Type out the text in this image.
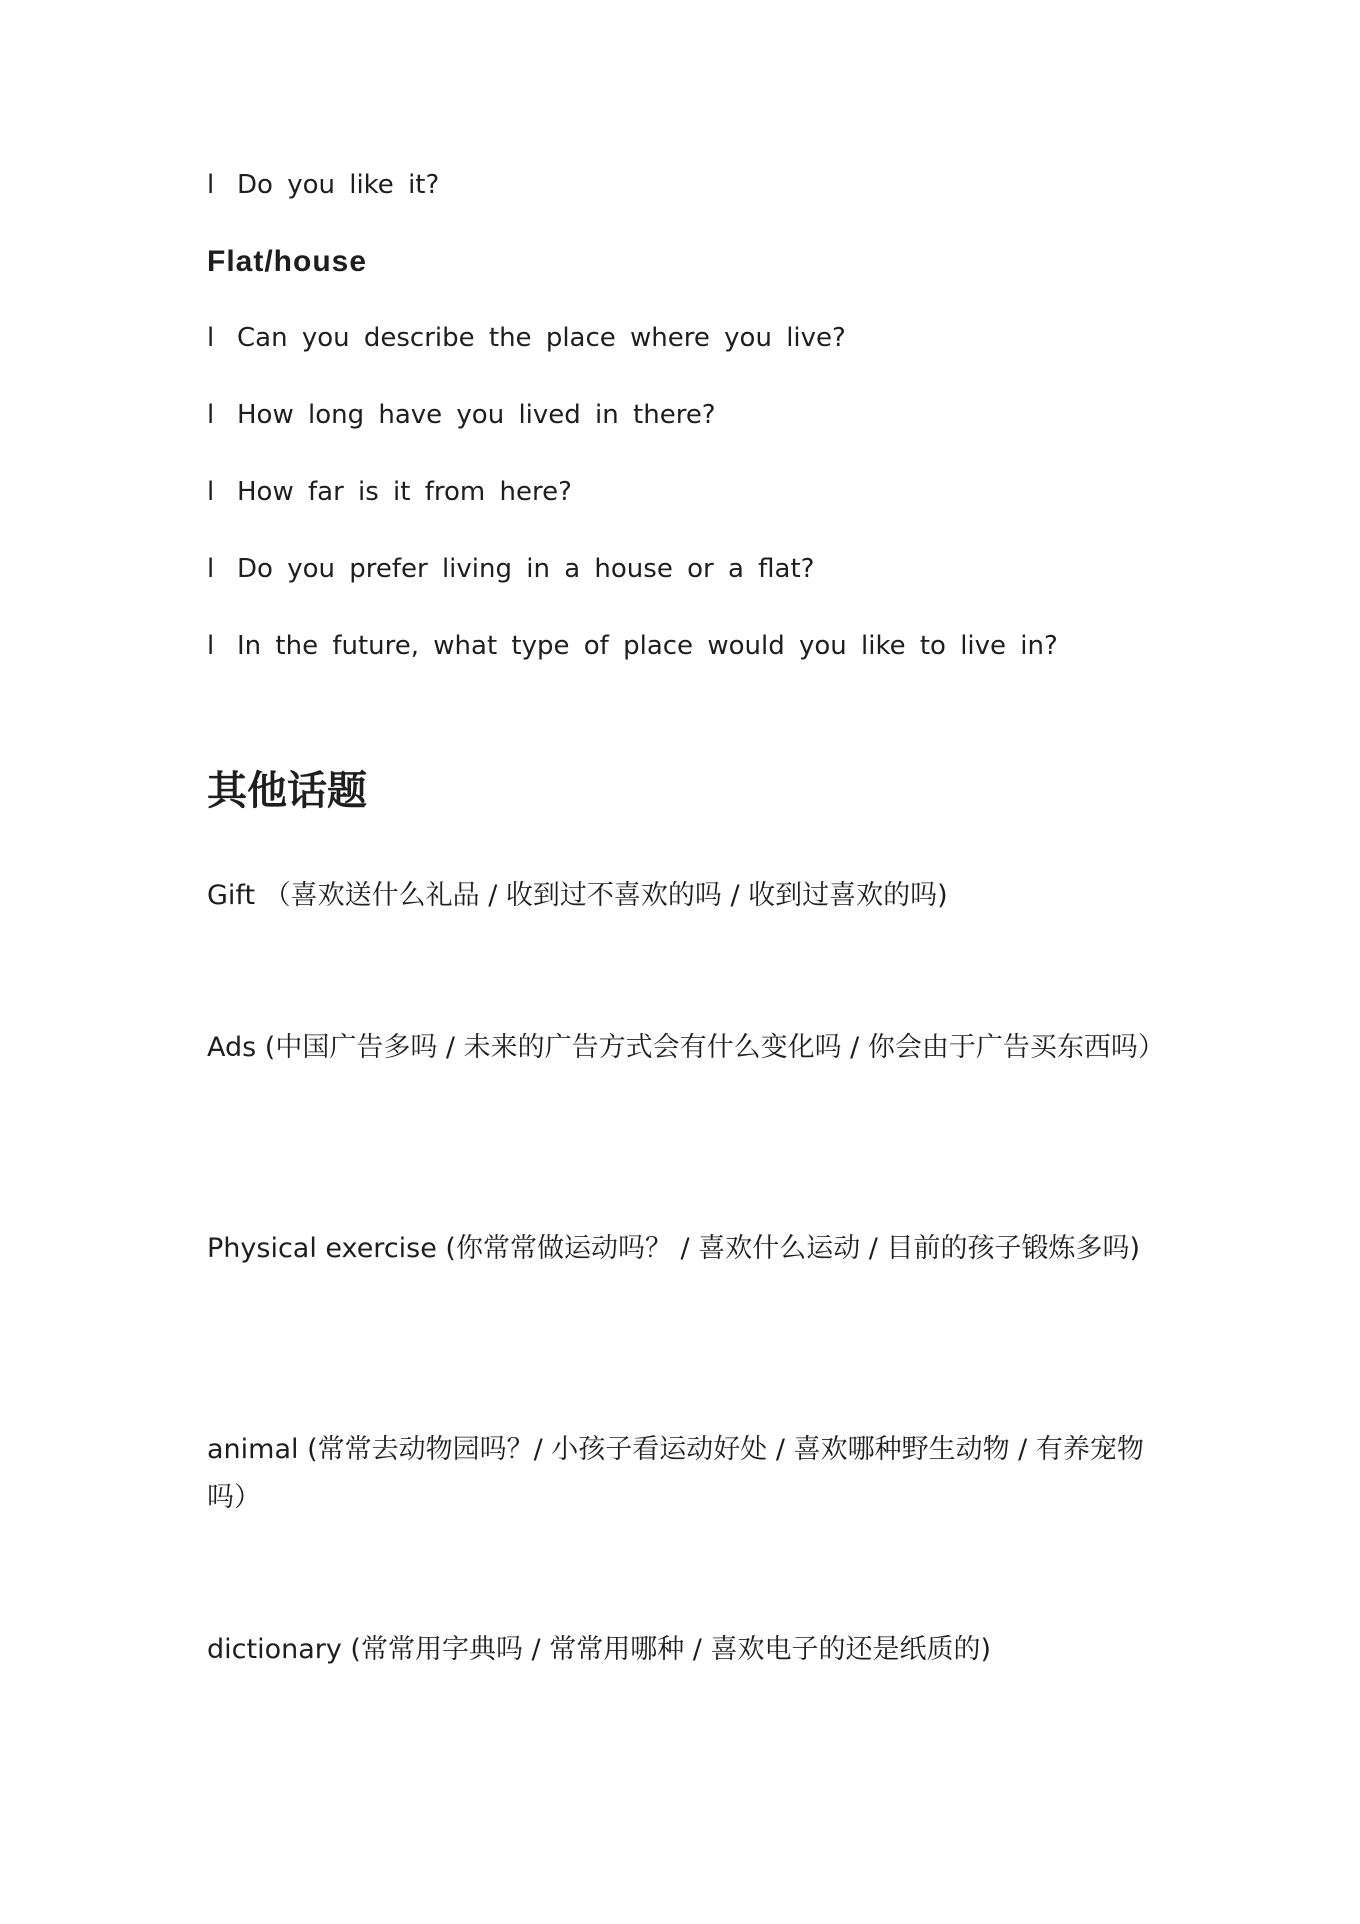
l Do you like it?
Flat/house
l Can you describe the place where you live?
l How long have you lived in there?
l How far is it from here?
l Do you prefer living in a house or a flat?
l In the future, what type of place would you like to live in?
其他话题
Gift （喜欢送什么礼品 / 收到过不喜欢的吗 / 收到过喜欢的吗)
Ads (中国广告多吗 / 未来的广告方式会有什么变化吗 / 你会由于广告买东西吗）
Physical exercise (你常常做运动吗？ / 喜欢什么运动 / 目前的孩子锻炼多吗)
animal (常常去动物园吗？/ 小孩子看运动好处 / 喜欢哪种野生动物 / 有养宠物吗）
dictionary (常常用字典吗 / 常常用哪种 / 喜欢电子的还是纸质的)
